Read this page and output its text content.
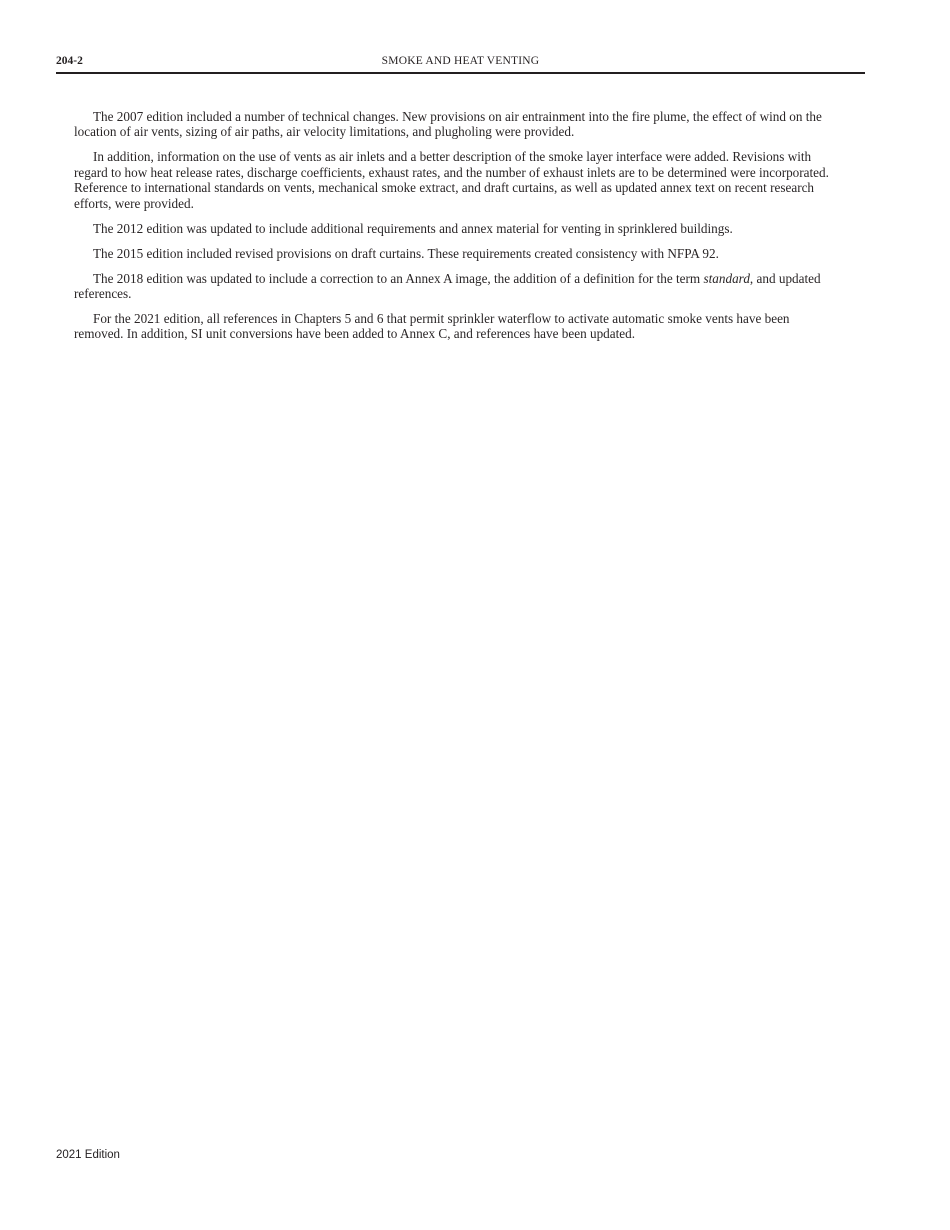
204-2	SMOKE AND HEAT VENTING

The 2007 edition included a number of technical changes. New provisions on air entrainment into the fire plume, the effect of wind on the location of air vents, sizing of air paths, air velocity limitations, and plugholing were provided.

In addition, information on the use of vents as air inlets and a better description of the smoke layer interface were added. Revisions with regard to how heat release rates, discharge coefficients, exhaust rates, and the number of exhaust inlets are to be determined were incorporated. Reference to international standards on vents, mechanical smoke extract, and draft curtains, as well as updated annex text on recent research efforts, were provided.

The 2012 edition was updated to include additional requirements and annex material for venting in sprinklered buildings.

The 2015 edition included revised provisions on draft curtains. These requirements created consistency with NFPA 92.

The 2018 edition was updated to include a correction to an Annex A image, the addition of a definition for the term standard, and updated references.

For the 2021 edition, all references in Chapters 5 and 6 that permit sprinkler waterflow to activate automatic smoke vents have been removed. In addition, SI unit conversions have been added to Annex C, and references have been updated.

2021 Edition
